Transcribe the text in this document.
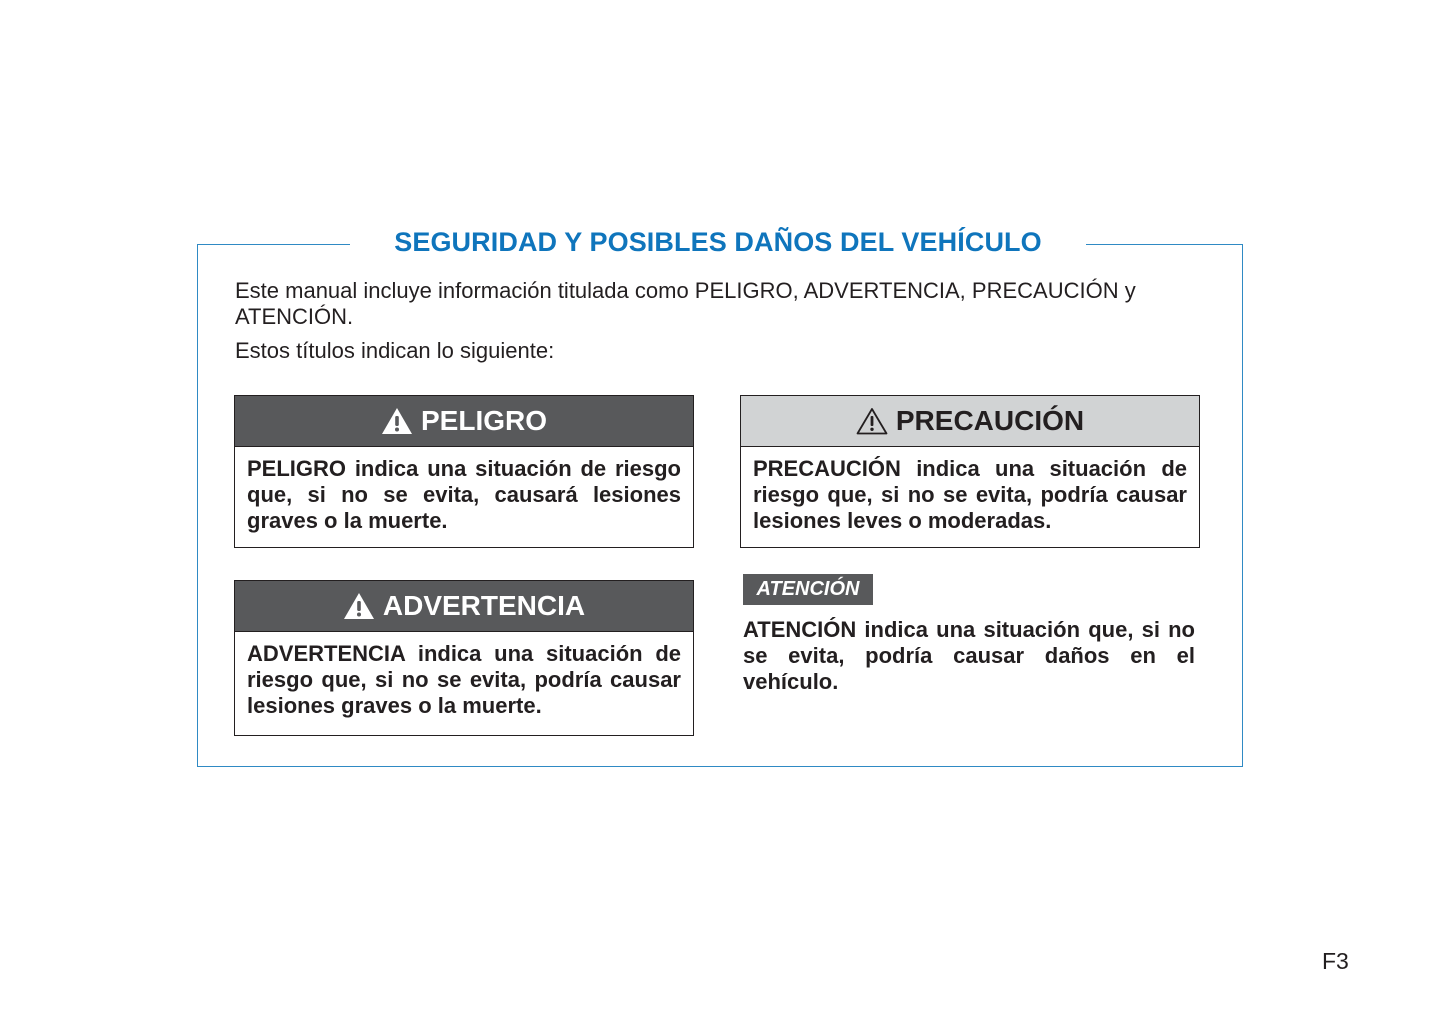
SEGURIDAD Y POSIBLES DAÑOS DEL VEHÍCULO

Este manual incluye información titulada como PELIGRO, ADVERTENCIA, PRECAUCIÓN y ATENCIÓN.

Estos títulos indican lo siguiente:

PELIGRO
PELIGRO indica una situación de riesgo que, si no se evita, causará lesiones graves o la muerte.
PRECAUCIÓN
PRECAUCIÓN indica una situación de riesgo que, si no se evita, podría causar lesiones leves o moderadas.
ADVERTENCIA
ADVERTENCIA indica una situación de riesgo que, si no se evita, podría causar lesiones graves o la muerte.
ATENCIÓN
ATENCIÓN indica una situación que, si no se evita, podría causar daños en el vehículo.
F3
